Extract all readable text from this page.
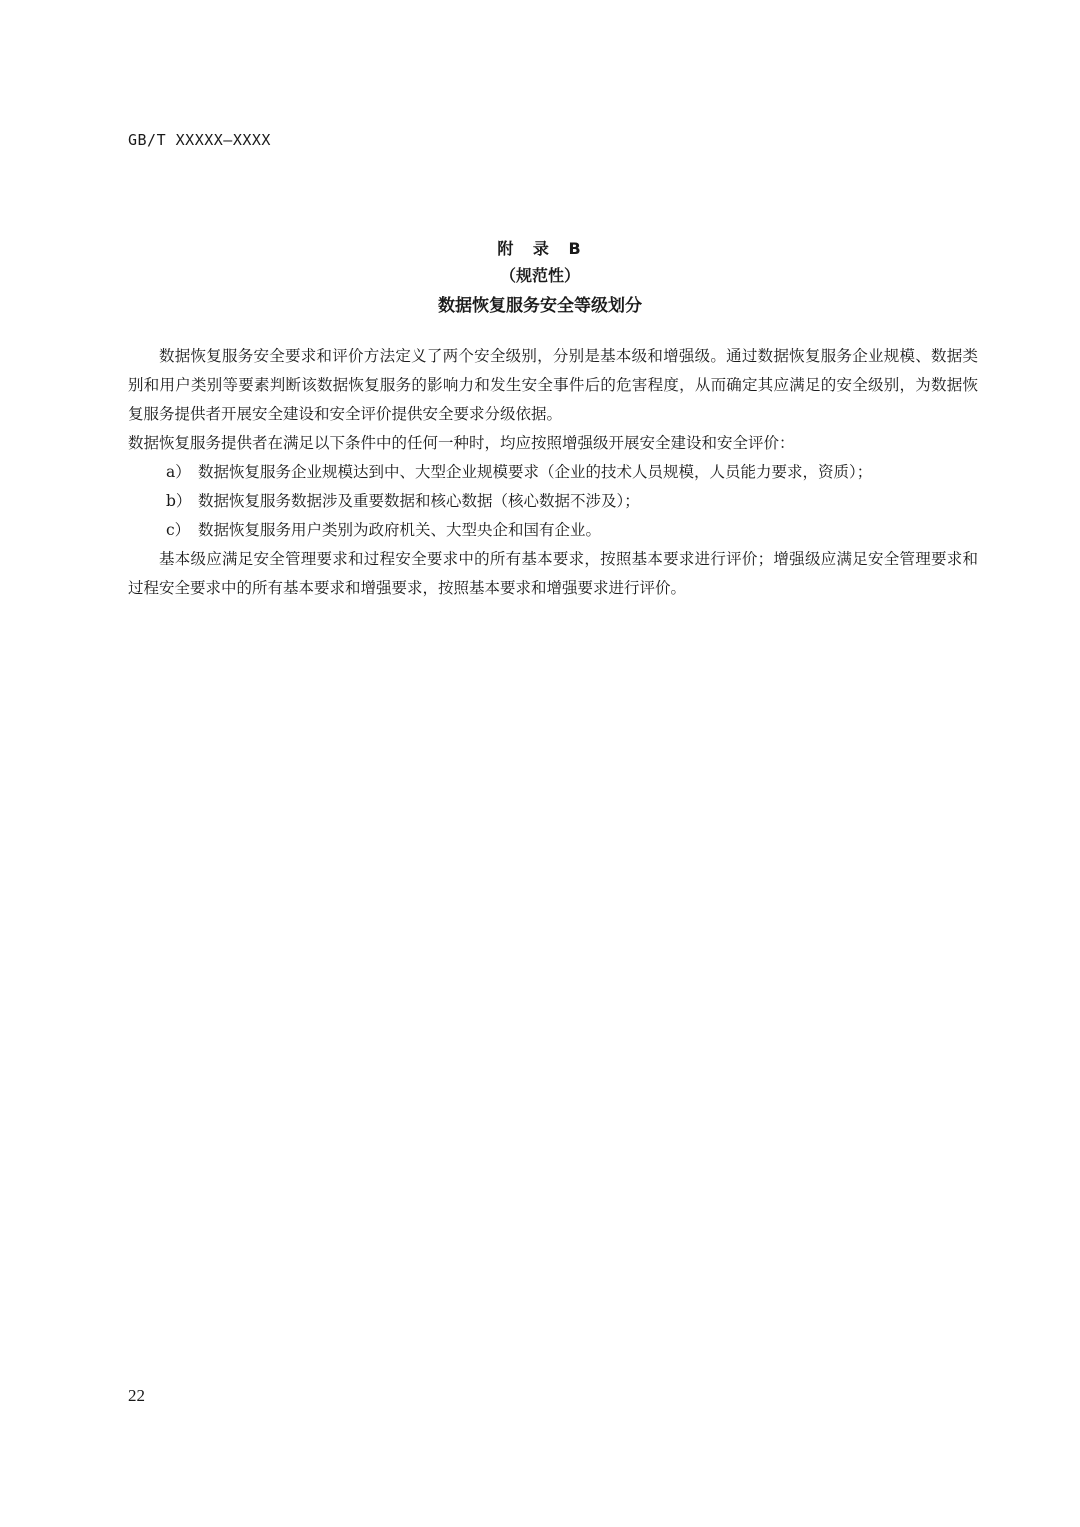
GB/T XXXXX—XXXX
附 录 B
（规范性）
数据恢复服务安全等级划分

数据恢复服务安全要求和评价方法定义了两个安全级别，分别是基本级和增强级。通过数据恢复服务企业规模、数据类别和用户类别等要素判断该数据恢复服务的影响力和发生安全事件后的危害程度，从而确定其应满足的安全级别，为数据恢复服务提供者开展安全建设和安全评价提供安全要求分级依据。

数据恢复服务提供者在满足以下条件中的任何一种时，均应按照增强级开展安全建设和安全评价：

a） 数据恢复服务企业规模达到中、大型企业规模要求（企业的技术人员规模，人员能力要求，资质）；
b） 数据恢复服务数据涉及重要数据和核心数据（核心数据不涉及）；
c） 数据恢复服务用户类别为政府机关、大型央企和国有企业。

基本级应满足安全管理要求和过程安全要求中的所有基本要求，按照基本要求进行评价；增强级应满足安全管理要求和过程安全要求中的所有基本要求和增强要求，按照基本要求和增强要求进行评价。

22
